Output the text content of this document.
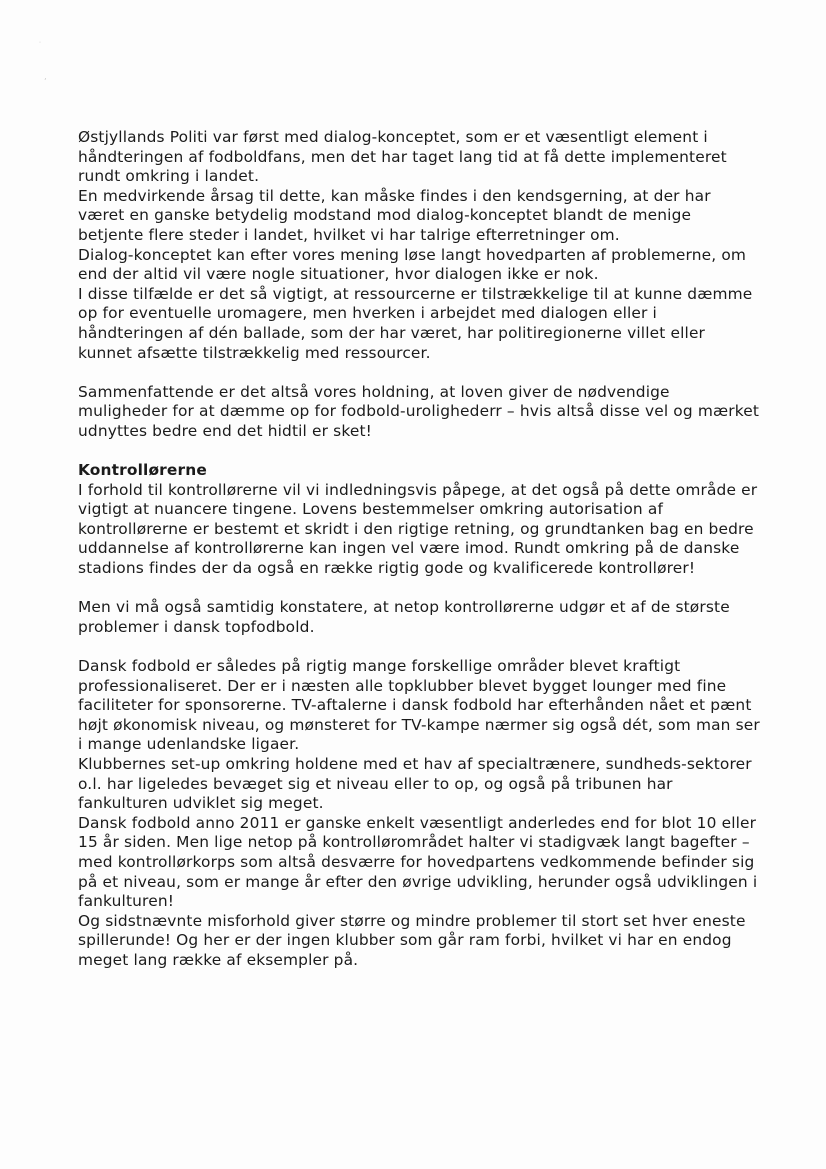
˙
ʼ

Østjyllands Politi var først med dialog-konceptet, som er et væsentligt element i håndteringen af fodboldfans, men det har taget lang tid at få dette implementeret rundt omkring i landet.

En medvirkende årsag til dette, kan måske findes i den kendsgerning, at der har været en ganske betydelig modstand mod dialog-konceptet blandt de menige betjente flere steder i landet, hvilket vi har talrige efterretninger om.

Dialog-konceptet kan efter vores mening løse langt hovedparten af problemerne, om end der altid vil være nogle situationer, hvor dialogen ikke er nok.

I disse tilfælde er det så vigtigt, at ressourcerne er tilstrækkelige til at kunne dæmme op for eventuelle uromagere, men hverken i arbejdet med dialogen eller i håndteringen af dén ballade, som der har været, har politiregionerne villet eller kunnet afsætte tilstrækkelig med ressourcer.

Sammenfattende er det altså vores holdning, at loven giver de nødvendige muligheder for at dæmme op for fodbold-urolighederr – hvis altså disse vel og mærket udnyttes bedre end det hidtil er sket!

Kontrollørerne

I forhold til kontrollørerne vil vi indledningsvis påpege, at det også på dette område er vigtigt at nuancere tingene. Lovens bestemmelser omkring autorisation af kontrollørerne er bestemt et skridt i den rigtige retning, og grundtanken bag en bedre uddannelse af kontrollørerne kan ingen vel være imod. Rundt omkring på de danske stadions findes der da også en række rigtig gode og kvalificerede kontrollører!

Men vi må også samtidig konstatere, at netop kontrollørerne udgør et af de største problemer i dansk topfodbold.

Dansk fodbold er således på rigtig mange forskellige områder blevet kraftigt professionaliseret. Der er i næsten alle topklubber blevet bygget lounger med fine faciliteter for sponsorerne. TV-aftalerne i dansk fodbold har efterhånden nået et pænt højt økonomisk niveau, og mønsteret for TV-kampe nærmer sig også dét, som man ser i mange udenlandske ligaer.

Klubbernes set-up omkring holdene med et hav af specialtrænere, sundheds-sektorer o.l. har ligeledes bevæget sig et niveau eller to op, og også på tribunen har fankulturen udviklet sig meget.

Dansk fodbold anno 2011 er ganske enkelt væsentligt anderledes end for blot 10 eller 15 år siden. Men lige netop på kontrollørområdet halter vi stadigvæk langt bagefter – med kontrollørkorps som altså desværre for hovedpartens vedkommende befinder sig på et niveau, som er mange år efter den øvrige udvikling, herunder også udviklingen i fankulturen!

Og sidstnævnte misforhold giver større og mindre problemer til stort set hver eneste spillerunde! Og her er der ingen klubber som går ram forbi, hvilket vi har en endog meget lang række af eksempler på.
